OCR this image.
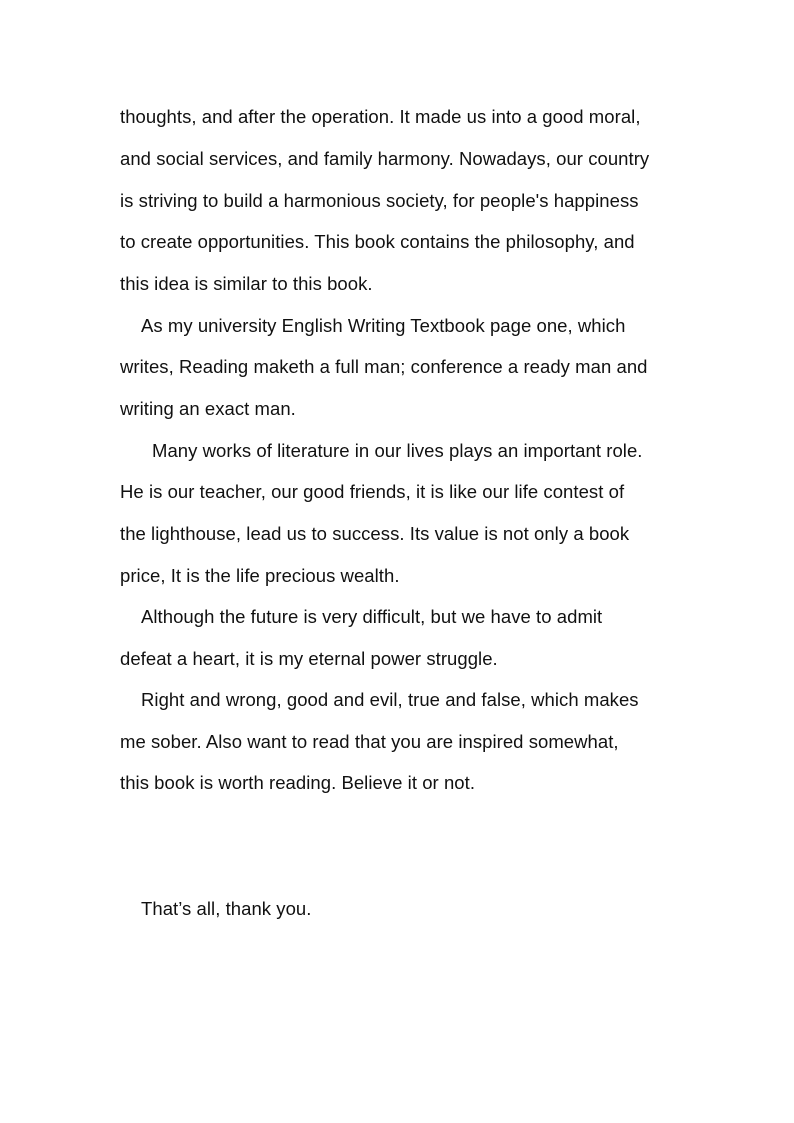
thoughts, and after the operation. It made us into a good moral,
and social services, and family harmony. Nowadays, our country
is striving to build a harmonious society, for people's happiness
to create opportunities. This book contains the philosophy, and
this idea is similar to this book.
As my university English Writing Textbook page one, which
writes, Reading maketh a full man; conference a ready man and
writing an exact man.
Many works of literature in our lives plays an important role.
He is our teacher, our good friends, it is like our life contest of
the lighthouse, lead us to success. Its value is not only a book
price, It is the life precious wealth.
Although the future is very difficult, but we have to admit
defeat a heart, it is my eternal power struggle.
Right and wrong, good and evil, true and false, which makes
me sober. Also want to read that you are inspired somewhat,
this book is worth reading. Believe it or not.
That’s all, thank you.
